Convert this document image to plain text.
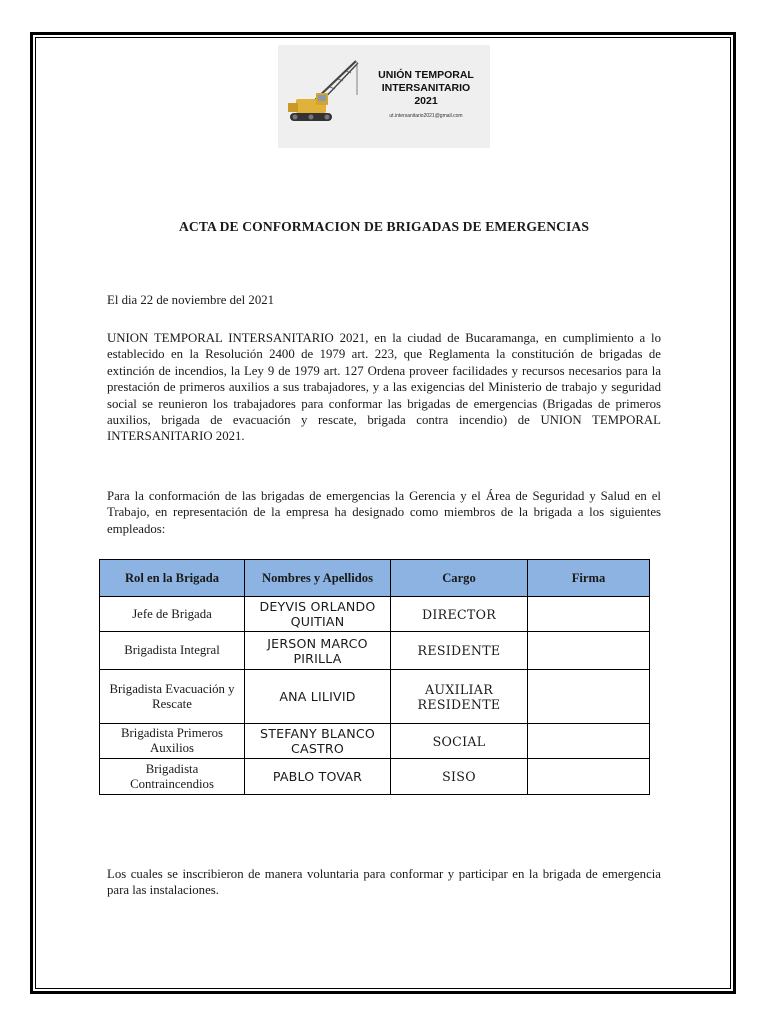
UNIÓN TEMPORAL
INTERSANITARIO
2021
ut.intersanitario2021@gmail.com
ACTA DE CONFORMACION DE BRIGADAS DE EMERGENCIAS
El dia 22 de noviembre del 2021
UNION TEMPORAL INTERSANITARIO 2021, en la ciudad de Bucaramanga, en cumplimiento a lo establecido en la Resolución 2400 de 1979 art. 223, que Reglamenta la constitución de brigadas de extinción de incendios, la Ley 9 de 1979 art. 127 Ordena proveer facilidades y recursos necesarios para la prestación de primeros auxilios a sus trabajadores, y a las exigencias del Ministerio de trabajo y seguridad social se reunieron los trabajadores para conformar las brigadas de emergencias (Brigadas de primeros auxilios, brigada de evacuación y rescate, brigada contra incendio) de UNION TEMPORAL INTERSANITARIO 2021.
Para la conformación de las brigadas de emergencias la Gerencia y el Área de Seguridad y Salud en el Trabajo, en representación de la empresa ha designado como miembros de la brigada a los siguientes empleados:
Rol en la Brigada	Nombres y Apellidos	Cargo	Firma
Jefe de Brigada	DEYVIS ORLANDO QUITIAN	DIRECTOR	
Brigadista Integral	JERSON MARCO PIRILLA	RESIDENTE	
Brigadista Evacuación y Rescate	ANA LILIVID	AUXILIAR RESIDENTE	
Brigadista Primeros Auxilios	STEFANY BLANCO CASTRO	SOCIAL	
Brigadista Contraincendios	PABLO TOVAR	SISO	
Los cuales se inscribieron de manera voluntaria para conformar y participar en la brigada de emergencia para las instalaciones.
